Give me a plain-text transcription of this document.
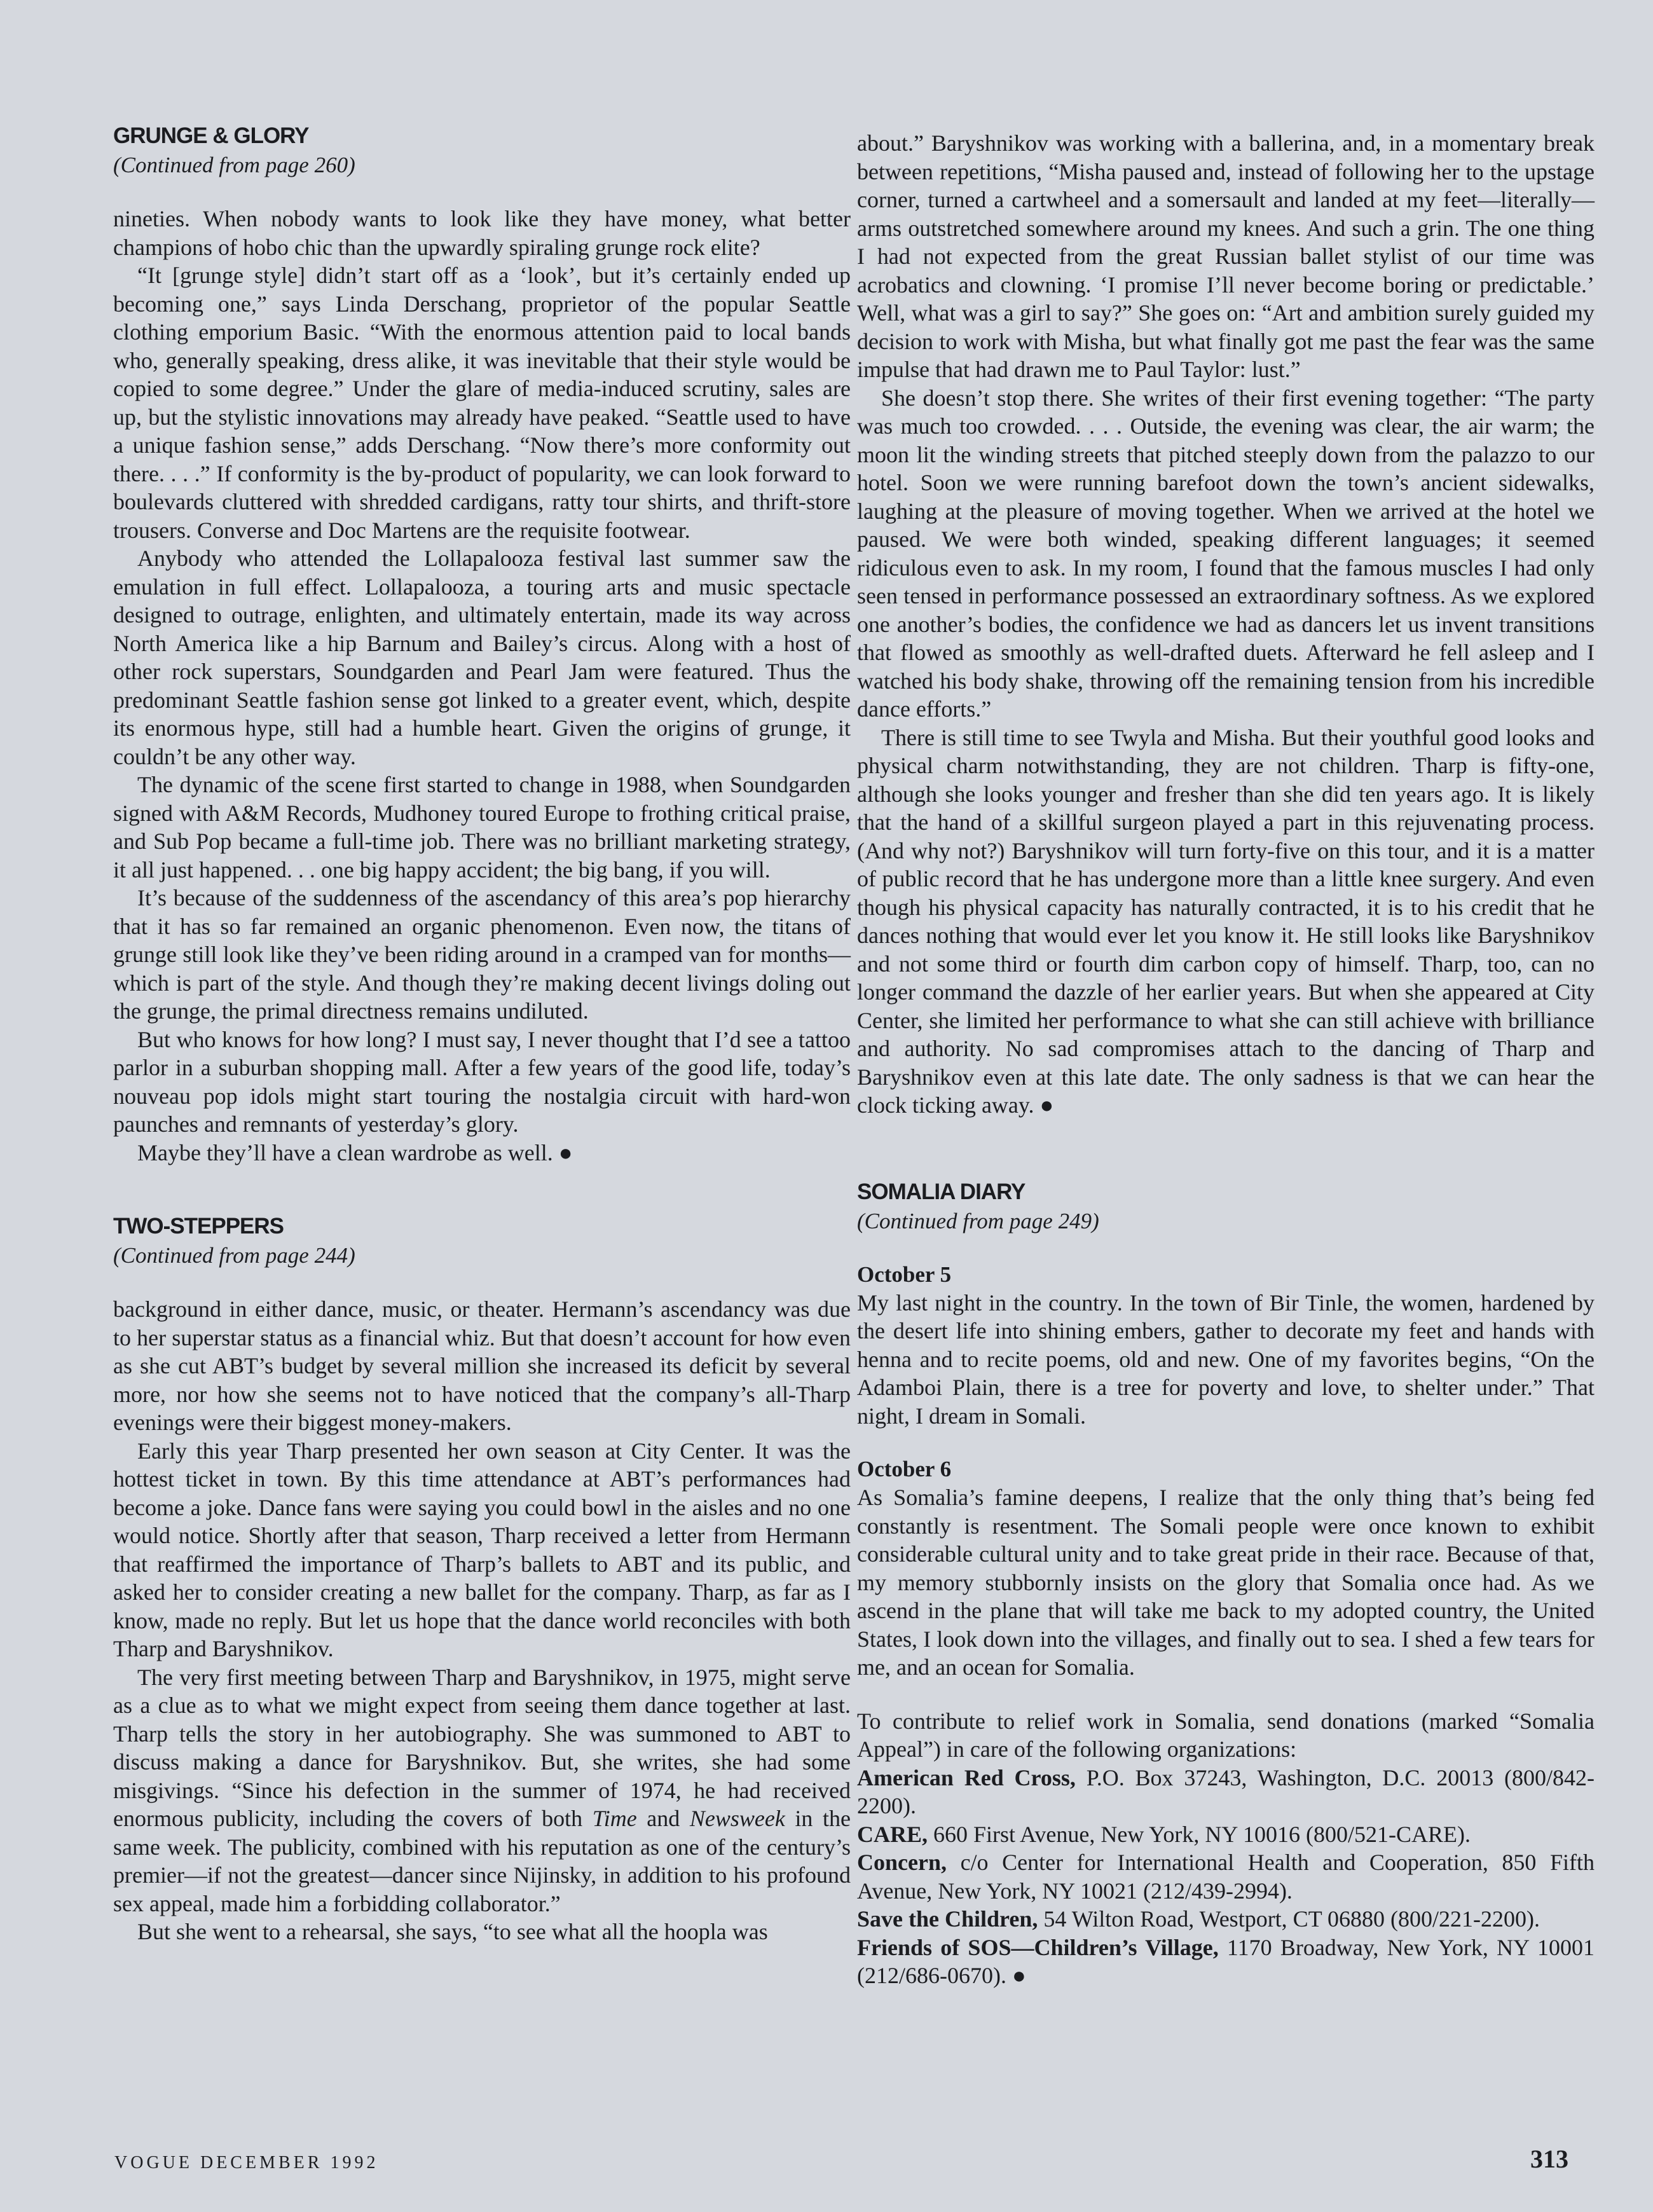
GRUNGE & GLORY
(Continued from page 260)

nineties. When nobody wants to look like they have money, what better champions of hobo chic than the upwardly spiraling grunge rock elite?

“It [grunge style] didn’t start off as a ‘look’, but it’s certainly ended up becoming one,” says Linda Derschang, proprietor of the popular Seattle clothing emporium Basic. “With the enormous attention paid to local bands who, generally speaking, dress alike, it was inevitable that their style would be copied to some degree.” Under the glare of media-induced scrutiny, sales are up, but the stylistic innovations may already have peaked. “Seattle used to have a unique fashion sense,” adds Derschang. “Now there’s more conformity out there. . . .” If conformity is the by-product of popularity, we can look forward to boulevards cluttered with shredded cardigans, ratty tour shirts, and thrift-store trousers. Converse and Doc Martens are the requisite footwear.

Anybody who attended the Lollapalooza festival last summer saw the emulation in full effect. Lollapalooza, a touring arts and music spectacle designed to outrage, enlighten, and ultimately entertain, made its way across North America like a hip Barnum and Bailey’s circus. Along with a host of other rock superstars, Soundgarden and Pearl Jam were featured. Thus the predominant Seattle fashion sense got linked to a greater event, which, despite its enormous hype, still had a humble heart. Given the origins of grunge, it couldn’t be any other way.

The dynamic of the scene first started to change in 1988, when Soundgarden signed with A&M Records, Mudhoney toured Europe to frothing critical praise, and Sub Pop became a full-time job. There was no brilliant marketing strategy, it all just happened. . . one big happy accident; the big bang, if you will.

It’s because of the suddenness of the ascendancy of this area’s pop hierarchy that it has so far remained an organic phenomenon. Even now, the titans of grunge still look like they’ve been riding around in a cramped van for months—which is part of the style. And though they’re making decent livings doling out the grunge, the primal directness remains undiluted.

But who knows for how long? I must say, I never thought that I’d see a tattoo parlor in a suburban shopping mall. After a few years of the good life, today’s nouveau pop idols might start touring the nostalgia circuit with hard-won paunches and remnants of yesterday’s glory.

Maybe they’ll have a clean wardrobe as well. ●

TWO-STEPPERS
(Continued from page 244)

background in either dance, music, or theater. Hermann’s ascendancy was due to her superstar status as a financial whiz. But that doesn’t account for how even as she cut ABT’s budget by several million she increased its deficit by several more, nor how she seems not to have noticed that the company’s all-Tharp evenings were their biggest money-makers.

Early this year Tharp presented her own season at City Center. It was the hottest ticket in town. By this time attendance at ABT’s performances had become a joke. Dance fans were saying you could bowl in the aisles and no one would notice. Shortly after that season, Tharp received a letter from Hermann that reaffirmed the importance of Tharp’s ballets to ABT and its public, and asked her to consider creating a new ballet for the company. Tharp, as far as I know, made no reply. But let us hope that the dance world reconciles with both Tharp and Baryshnikov.

The very first meeting between Tharp and Baryshnikov, in 1975, might serve as a clue as to what we might expect from seeing them dance together at last. Tharp tells the story in her autobiography. She was summoned to ABT to discuss making a dance for Baryshnikov. But, she writes, she had some misgivings. “Since his defection in the summer of 1974, he had received enormous publicity, including the covers of both Time and Newsweek in the same week. The publicity, combined with his reputation as one of the century’s premier—if not the greatest—dancer since Nijinsky, in addition to his profound sex appeal, made him a forbidding collaborator.”

But she went to a rehearsal, she says, “to see what all the hoopla was

about.” Baryshnikov was working with a ballerina, and, in a momentary break between repetitions, “Misha paused and, instead of following her to the upstage corner, turned a cartwheel and a somersault and landed at my feet—literally—arms outstretched somewhere around my knees. And such a grin. The one thing I had not expected from the great Russian ballet stylist of our time was acrobatics and clowning. ‘I promise I’ll never become boring or predictable.’ Well, what was a girl to say?” She goes on: “Art and ambition surely guided my decision to work with Misha, but what finally got me past the fear was the same impulse that had drawn me to Paul Taylor: lust.”

She doesn’t stop there. She writes of their first evening together: “The party was much too crowded. . . . Outside, the evening was clear, the air warm; the moon lit the winding streets that pitched steeply down from the palazzo to our hotel. Soon we were running barefoot down the town’s ancient sidewalks, laughing at the pleasure of moving together. When we arrived at the hotel we paused. We were both winded, speaking different languages; it seemed ridiculous even to ask. In my room, I found that the famous muscles I had only seen tensed in performance possessed an extraordinary softness. As we explored one another’s bodies, the confidence we had as dancers let us invent transitions that flowed as smoothly as well-drafted duets. Afterward he fell asleep and I watched his body shake, throwing off the remaining tension from his incredible dance efforts.”

There is still time to see Twyla and Misha. But their youthful good looks and physical charm notwithstanding, they are not children. Tharp is fifty-one, although she looks younger and fresher than she did ten years ago. It is likely that the hand of a skillful surgeon played a part in this rejuvenating process. (And why not?) Baryshnikov will turn forty-five on this tour, and it is a matter of public record that he has undergone more than a little knee surgery. And even though his physical capacity has naturally contracted, it is to his credit that he dances nothing that would ever let you know it. He still looks like Baryshnikov and not some third or fourth dim carbon copy of himself. Tharp, too, can no longer command the dazzle of her earlier years. But when she appeared at City Center, she limited her performance to what she can still achieve with brilliance and authority. No sad compromises attach to the dancing of Tharp and Baryshnikov even at this late date. The only sadness is that we can hear the clock ticking away. ●

SOMALIA DIARY
(Continued from page 249)
October 5

My last night in the country. In the town of Bir Tinle, the women, hardened by the desert life into shining embers, gather to decorate my feet and hands with henna and to recite poems, old and new. One of my favorites begins, “On the Adamboi Plain, there is a tree for poverty and love, to shelter under.” That night, I dream in Somali.

October 6

As Somalia’s famine deepens, I realize that the only thing that’s being fed constantly is resentment. The Somali people were once known to exhibit considerable cultural unity and to take great pride in their race. Because of that, my memory stubbornly insists on the glory that Somalia once had. As we ascend in the plane that will take me back to my adopted country, the United States, I look down into the villages, and finally out to sea. I shed a few tears for me, and an ocean for Somalia.

To contribute to relief work in Somalia, send donations (marked “Somalia Appeal”) in care of the following organizations:

American Red Cross, P.O. Box 37243, Washington, D.C. 20013 (800/842-2200).

CARE, 660 First Avenue, New York, NY 10016 (800/521-CARE).

Concern, c/o Center for International Health and Cooperation, 850 Fifth Avenue, New York, NY 10021 (212/439-2994).

Save the Children, 54 Wilton Road, Westport, CT 06880 (800/221-2200).

Friends of SOS—Children’s Village, 1170 Broadway, New York, NY 10001 (212/686-0670). ●

VOGUE DECEMBER 1992	313
